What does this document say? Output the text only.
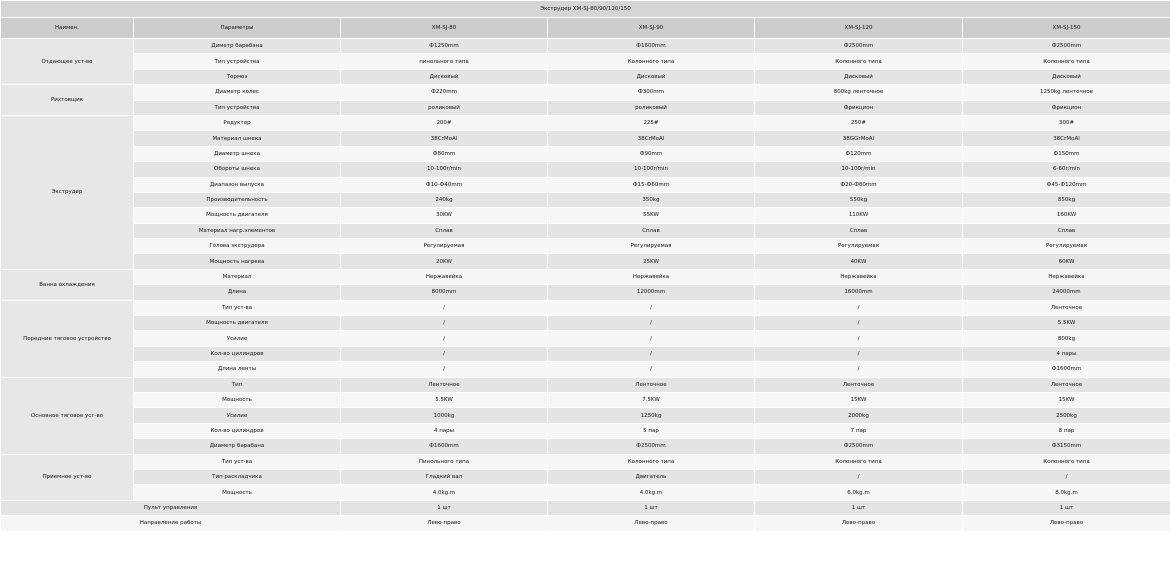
Экструдер XM-SJ-80/90/120/150					
Наимен.	Параметры	XM-SJ-80	XM-SJ-90	XM-SJ-120	XM-SJ-150
Отдающее уст-во	Диметр барабана	Ф1250mm	Ф1600mm	Ф2500mm	Ф2500mm
	Тип устройства	пинольного типа	Колонного типа	Колонного типа	Колонного типа
	Тормоз	Дисковый	Дисковый	Дисковый	Дисковый
Рихтовщик	Диаметр колес	Ф220mm	Ф300mm	800kg ленточное	1250kg ленточное
	Тип устройства	роликовый	роликовый	Фрикцион	Фрикцион
Экструдер	Редуктор	200#	225#	250#	300#
	Материал шнека	38CrMoAl	38CrMoAl	38GGrMoAl	38CrMoAl
	Диаметр шнека	Ф80mm	Ф90mm	Ф120mm	Ф150mm
	Обороты шнека	10-100r/min	10-100r/min	10-100r/min	6-60r/min
	Диапазон выпуска	Ф10-Ф40mm	Ф15-Ф60mm	Ф20-Ф80mm	Ф45-Ф120mm
	Производительность	240kg	350kg	550kg	850kg
	Мощность двигателя	30KW	55KW	110KW	160KW
	Материал нагр.элементов	Сплав	Сплав	Сплав	Сплав
	Голова экструдера	Регулируемая	Регулируемая	Регулируемая	Регулируемая
	Мощность нагрева	20KW	25KW	40KW	60KW
Ванна охлаждения	Материал	Нержавейка	Нержавейка	Нержавейка	Нержавейка
	Длина	8000mm	12000mm	16000mm	24000mm
Передние тяговое устройство	Тип уст-ва	/	/	/	Ленточное
	Мощность двигателя	/	/	/	5.5KW
	Усилие	/	/	/	800kg
	Кол-во цилиндров	/	/	/	4 пары
	Длина ленты	/	/	/	Ф1600mm
Основное тяговое уст-во	Тип	Ленточное	Ленточное	Ленточное	Ленточное
	Мощность	5.5KW	7.5KW	15KW	15KW
	Усилие	1000kg	1250kg	2000kg	2500kg
	Кол-во цилиндров	4 пары	5 пар	7 пар	8 пар
	Диаметр барабана	Ф1600mm	Ф2500mm	Ф2500mm	Ф3150mm
Приемное уст-во	Тип уст-ва	Пинольного типа	Колонного типа	Колонного типа	Колонного типа
	Тип раскладчика	Гладкий вал	Двигатель	/	/
	Мощность	4.0kg.m	4.0kg.m	6.0kg.m	8.0kg.m
Пульт управления		1 шт	1 шт	1 шт	1 шт
Направление работы		Лево-право	Лево-право	Лево-право	Лево-право
